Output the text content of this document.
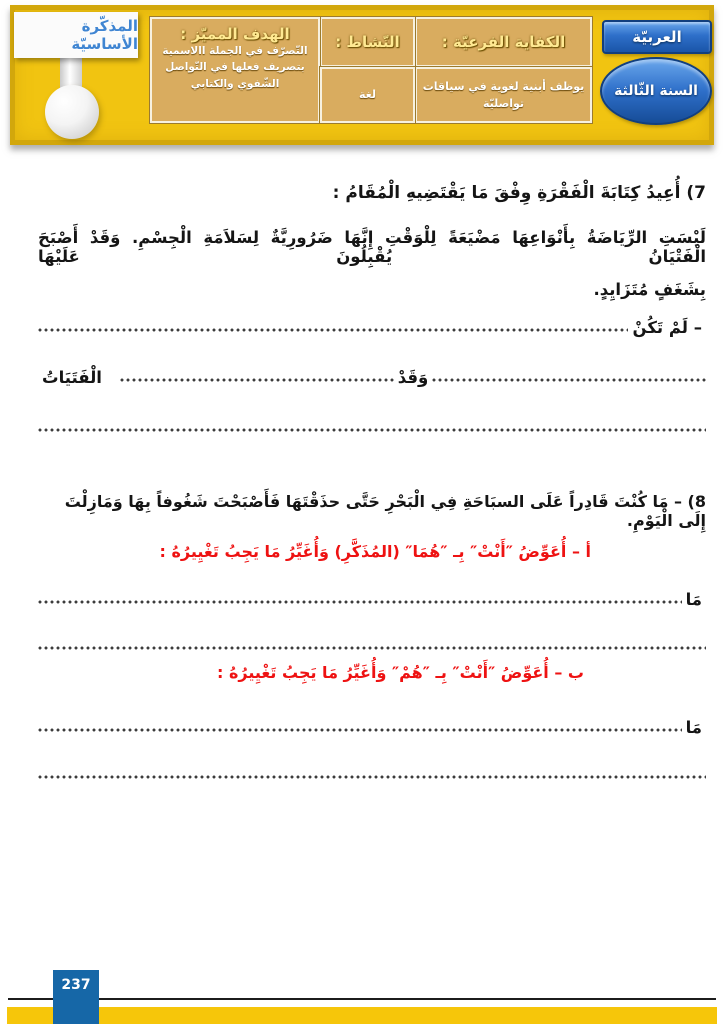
المذكّرة الأساسيّة	الكفاية الفرعيّة :
النّشاط :
الهدف المميّز :
التّصرّف في الجملة االاسمية بتصريف فعلها في التّواصل الشّفوي والكتابي	يوظف أبنية لغوية في سياقات تواصليّة
لغة
العربيّة
السنة الثّالثة
7) أُعِيدُ كِتَابَةَ الْفَقْرَةِ وِفْقَ مَا يَقْتَضِيهِ الْمُقَامُ :
لَيْسَتِ الرِّيَاضَةُ بِأَنْوَاعِهَا مَضْيَعَةً لِلْوَقْتِ إِنَّهَا ضَرُورِيَّةٌ لِسَلاَمَةِ الْجِسْمِ. وَقَدْ أَصْبَحَ الْفَتْيَانُ يُقْبِلُونَ عَلَيْهَا
بِشَغَفٍ مُتَزَايِدٍ.
– لَمْ تَكُنْ
وَقَدْ
الْفَتَيَاتُ
8) – مَا كُنْتَ قَادِراً عَلَى السبَاحَةِ فِي الْبَحْرِ حَتَّى حذَقْتَهَا فَأَصْبَحْتَ شَغُوفاً بِهَا وَمَازِلْتَ إِلَى الْيَوْمِ.
أ – أُعَوِّضُ ″أَنْتْ″ بِـ ″هُمَا″ (المُذَكَّرِ) وَأُغَيِّرُ مَا يَجِبُ تَغْيِيرُهُ :
مَا
ب – أُعَوِّضُ ″أَنْتْ″ بِـ ″هُمْ″ وَأُغَيِّرُ مَا يَجِبُ تَغْيِيرُهُ :
مَا
237
